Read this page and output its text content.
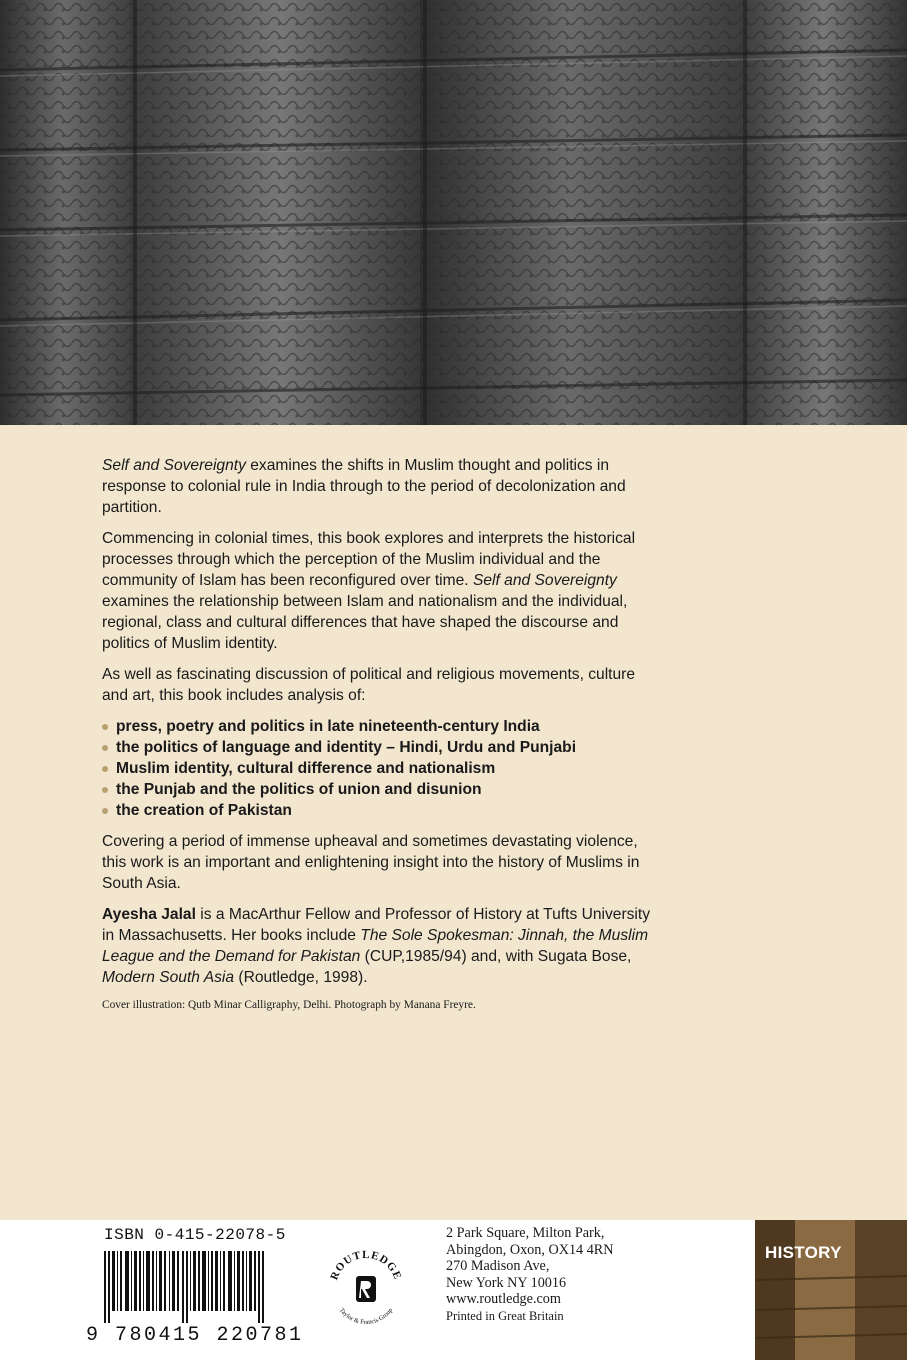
Self and Sovereignty examines the shifts in Muslim thought and politics in response to colonial rule in India through to the period of decolonization and partition.

Commencing in colonial times, this book explores and interprets the historical processes through which the perception of the Muslim individual and the community of Islam has been reconfigured over time. Self and Sovereignty examines the relationship between Islam and nationalism and the individual, regional, class and cultural differences that have shaped the discourse and politics of Muslim identity.

As well as fascinating discussion of political and religious movements, culture and art, this book includes analysis of:

press, poetry and politics in late nineteenth-century India
the politics of language and identity – Hindi, Urdu and Punjabi
Muslim identity, cultural difference and nationalism
the Punjab and the politics of union and disunion
the creation of Pakistan

Covering a period of immense upheaval and sometimes devastating violence, this work is an important and enlightening insight into the history of Muslims in South Asia.

Ayesha Jalal is a MacArthur Fellow and Professor of History at Tufts University in Massachusetts. Her books include The Sole Spokesman: Jinnah, the Muslim League and the Demand for Pakistan (CUP,1985/94) and, with Sugata Bose, Modern South Asia (Routledge, 1998).

Cover illustration: Qutb Minar Calligraphy, Delhi. Photograph by Manana Freyre.
ISBN 0-415-22078-5
9 780415 220781
ROUTLEDGE
Taylor & Francis Group
2 Park Square, Milton Park,
Abingdon, Oxon, OX14 4RN
270 Madison Ave,
New York NY 10016
www.routledge.com
Printed in Great Britain
HISTORY
